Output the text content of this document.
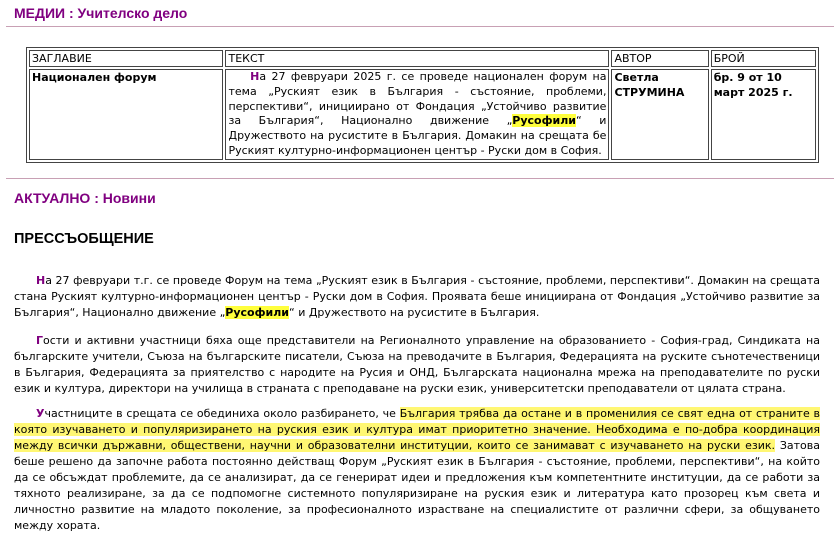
МЕДИИ : Учителско дело
ЗАГЛАВИЕ	ТЕКСТ	АВТОР	БРОЙ
Национален форум	На 27 февруари 2025 г. се проведе национален форум на тема „Руският език в България - състояние, проблеми, перспективи“, инициирано от Фондация „Устойчиво развитие за България“, Национално движение „Русофили“ и Дружеството на русистите в България. Домакин на срещата бе Руският културно-информационен център - Руски дом в София.	Светла СТРУМИНА	бр. 9 от 10 март 2025 г.
АКТУАЛНО : Новини
ПРЕССЪОБЩЕНИЕ
На 27 февруари т.г. се проведе Форум на тема „Руският език в България - състояние, проблеми, перспективи“. Домакин на срещата стана Руският културно-информационен център - Руски дом в София. Проявата беше инициирана от Фондация „Устойчиво развитие за България“, Национално движение „Русофили“ и Дружеството на русистите в България.
Гости и активни участници бяха още представители на Регионалното управление на образованието - София-град, Синдиката на българските учители, Съюза на българските писатели, Съюза на преводачите в България, Федерацията на руските сънотечественици в България, Федерацията за приятелство с народите на Русия и ОНД, Българската национална мрежа на преподавателите по руски език и култура, директори на училища в страната с преподаване на руски език, университетски преподаватели от цялата страна.
Участниците в срещата се обединиха около разбирането, че България трябва да остане и в променилия се свят една от страните в която изучаването и популяризирането на руския език и култура имат приоритетно значение. Необходима е по-добра координация между всички държавни, обществени, научни и образователни институции, които се занимават с изучаването на руски език. Затова беше решено да започне работа постоянно действащ Форум „Руският език в България - състояние, проблеми, перспективи“, на който да се обсъждат проблемите, да се анализират, да се генерират идеи и предложения към компетентните институции, да се работи за тяхното реализиране, за да се подпомогне системното популяризиране на руския език и литература като прозорец към света и личностно развитие на младото поколение, за професионалното израстване на специалистите от различни сфери, за общуването между хората.
